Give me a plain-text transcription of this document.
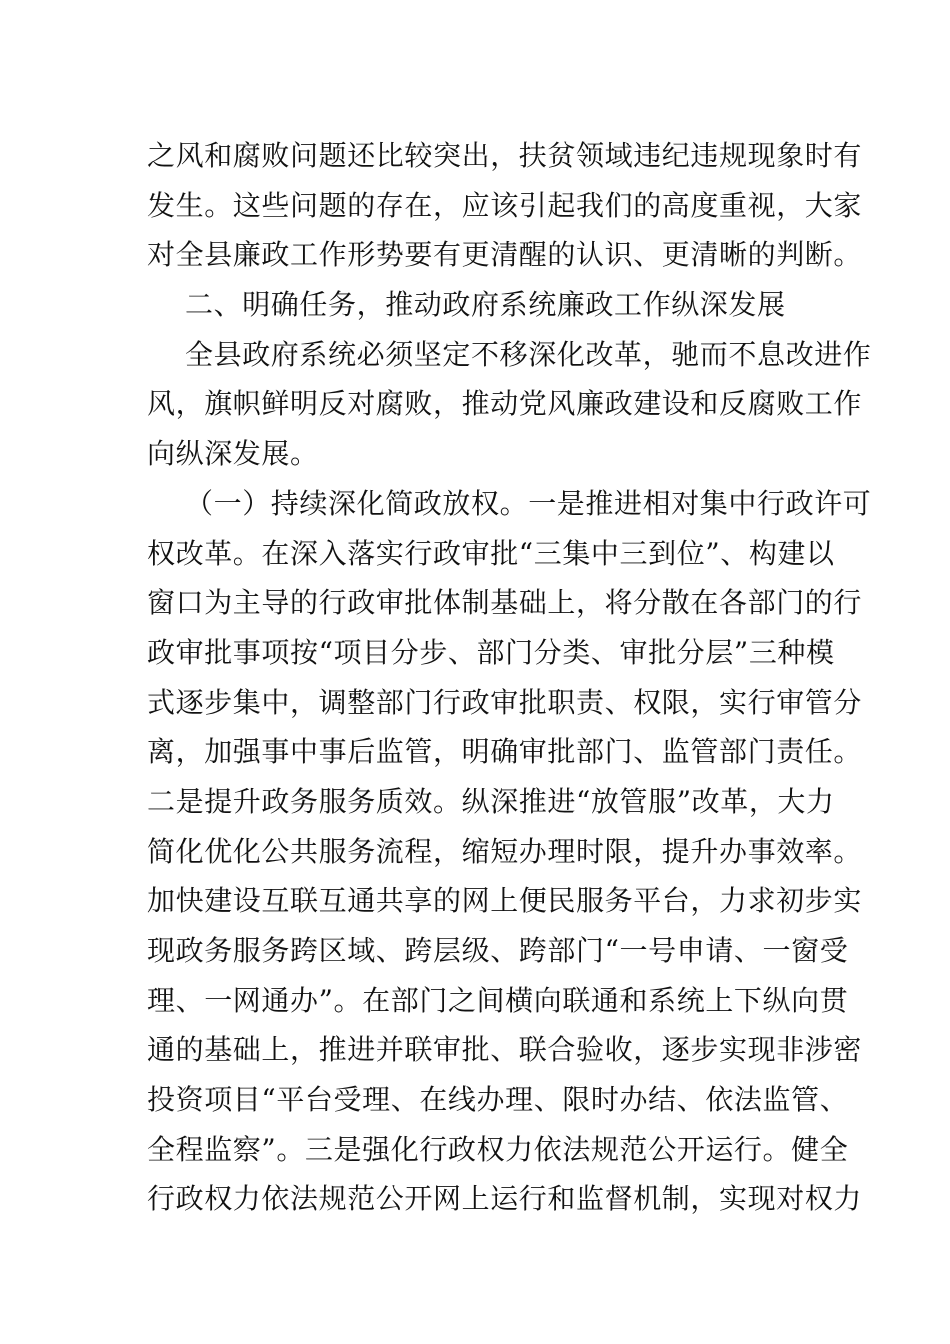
之风和腐败问题还比较突出，扶贫领域违纪违规现象时有
发生。这些问题的存在，应该引起我们的高度重视，大家
对全县廉政工作形势要有更清醒的认识、更清晰的判断。
二、明确任务，推动政府系统廉政工作纵深发展
全县政府系统必须坚定不移深化改革，驰而不息改进作
风，旗帜鲜明反对腐败，推动党风廉政建设和反腐败工作
向纵深发展。
（一）持续深化简政放权。一是推进相对集中行政许可
权改革。在深入落实行政审批“三集中三到位”、构建以
窗口为主导的行政审批体制基础上，将分散在各部门的行
政审批事项按“项目分步、部门分类、审批分层”三种模
式逐步集中，调整部门行政审批职责、权限，实行审管分
离，加强事中事后监管，明确审批部门、监管部门责任。
二是提升政务服务质效。纵深推进“放管服”改革，大力
简化优化公共服务流程，缩短办理时限，提升办事效率。
加快建设互联互通共享的网上便民服务平台，力求初步实
现政务服务跨区域、跨层级、跨部门“一号申请、一窗受
理、一网通办”。在部门之间横向联通和系统上下纵向贯
通的基础上，推进并联审批、联合验收，逐步实现非涉密
投资项目“平台受理、在线办理、限时办结、依法监管、
全程监察”。三是强化行政权力依法规范公开运行。健全
行政权力依法规范公开网上运行和监督机制，实现对权力
